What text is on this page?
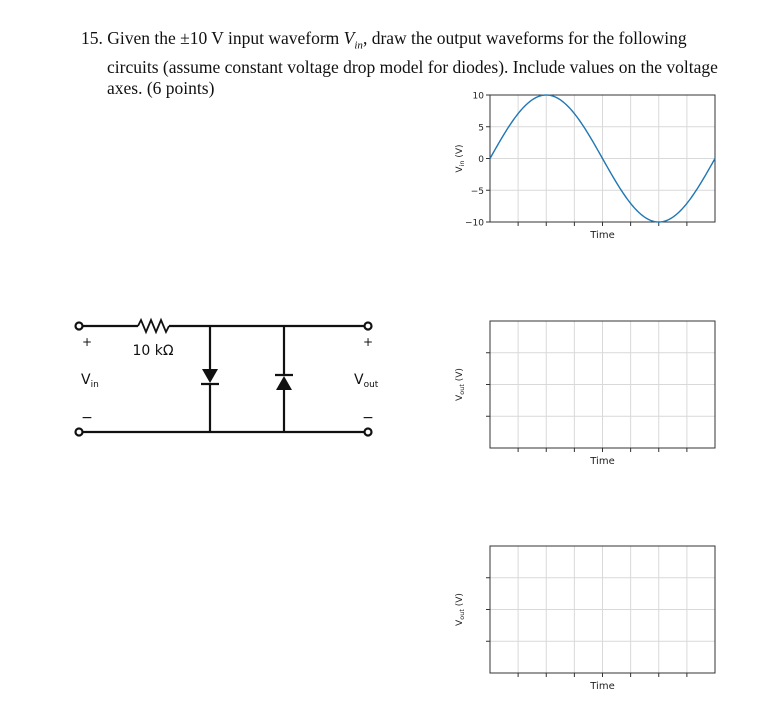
15. Given the ±10 V input waveform $V_{in}$, draw the output waveforms for the following circuits (assume constant voltage drop model for diodes). Include values on the voltage axes. (6 points)
+
−
+
−
10 kΩ
$V_{in}$	$V_{out}$
10
5
0
−5
−10
Time
$V_{in}$ (V)
Time
$V_{out}$ (V)
Time
$V_{out}$ (V)
